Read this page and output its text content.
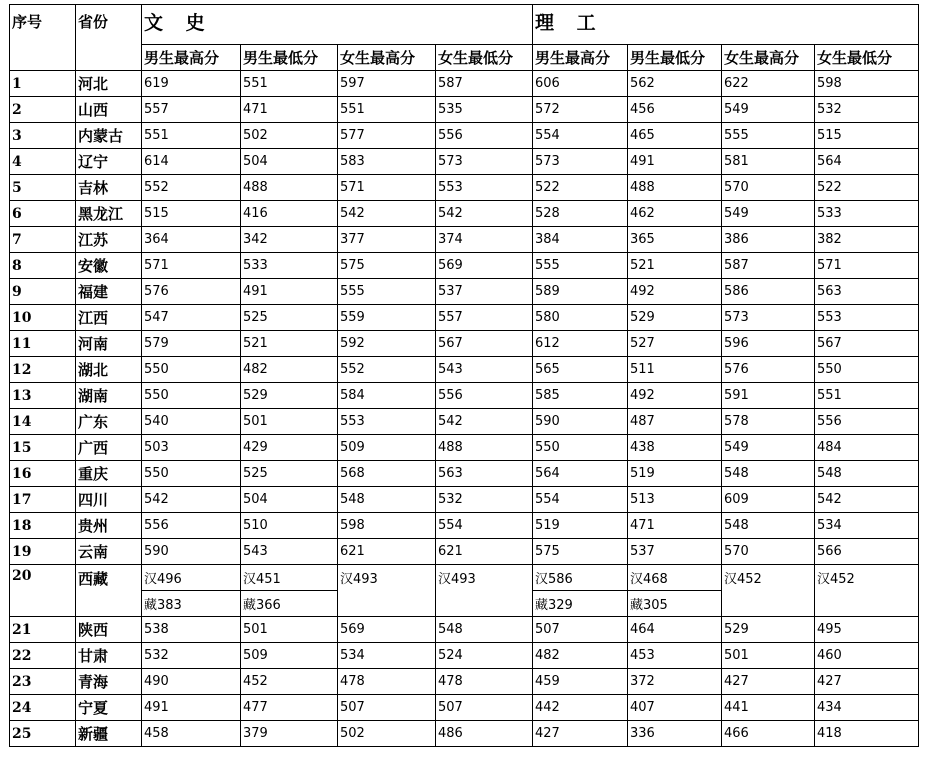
序号	省份	文 史				理 工			
		男生最高分	男生最低分	女生最高分	女生最低分	男生最高分	男生最低分	女生最高分	女生最低分
1	河北	619	551	597	587	606	562	622	598
2	山西	557	471	551	535	572	456	549	532
3	内蒙古	551	502	577	556	554	465	555	515
4	辽宁	614	504	583	573	573	491	581	564
5	吉林	552	488	571	553	522	488	570	522
6	黑龙江	515	416	542	542	528	462	549	533
7	江苏	364	342	377	374	384	365	386	382
8	安徽	571	533	575	569	555	521	587	571
9	福建	576	491	555	537	589	492	586	563
10	江西	547	525	559	557	580	529	573	553
11	河南	579	521	592	567	612	527	596	567
12	湖北	550	482	552	543	565	511	576	550
13	湖南	550	529	584	556	585	492	591	551
14	广东	540	501	553	542	590	487	578	556
15	广西	503	429	509	488	550	438	549	484
16	重庆	550	525	568	563	564	519	548	548
17	四川	542	504	548	532	554	513	609	542
18	贵州	556	510	598	554	519	471	548	534
19	云南	590	543	621	621	575	537	570	566
20	西藏	汉496	汉451	汉493	汉493	汉586	汉468	汉452	汉452
		藏383	藏366			藏329	藏305		
21	陕西	538	501	569	548	507	464	529	495
22	甘肃	532	509	534	524	482	453	501	460
23	青海	490	452	478	478	459	372	427	427
24	宁夏	491	477	507	507	442	407	441	434
25	新疆	458	379	502	486	427	336	466	418
